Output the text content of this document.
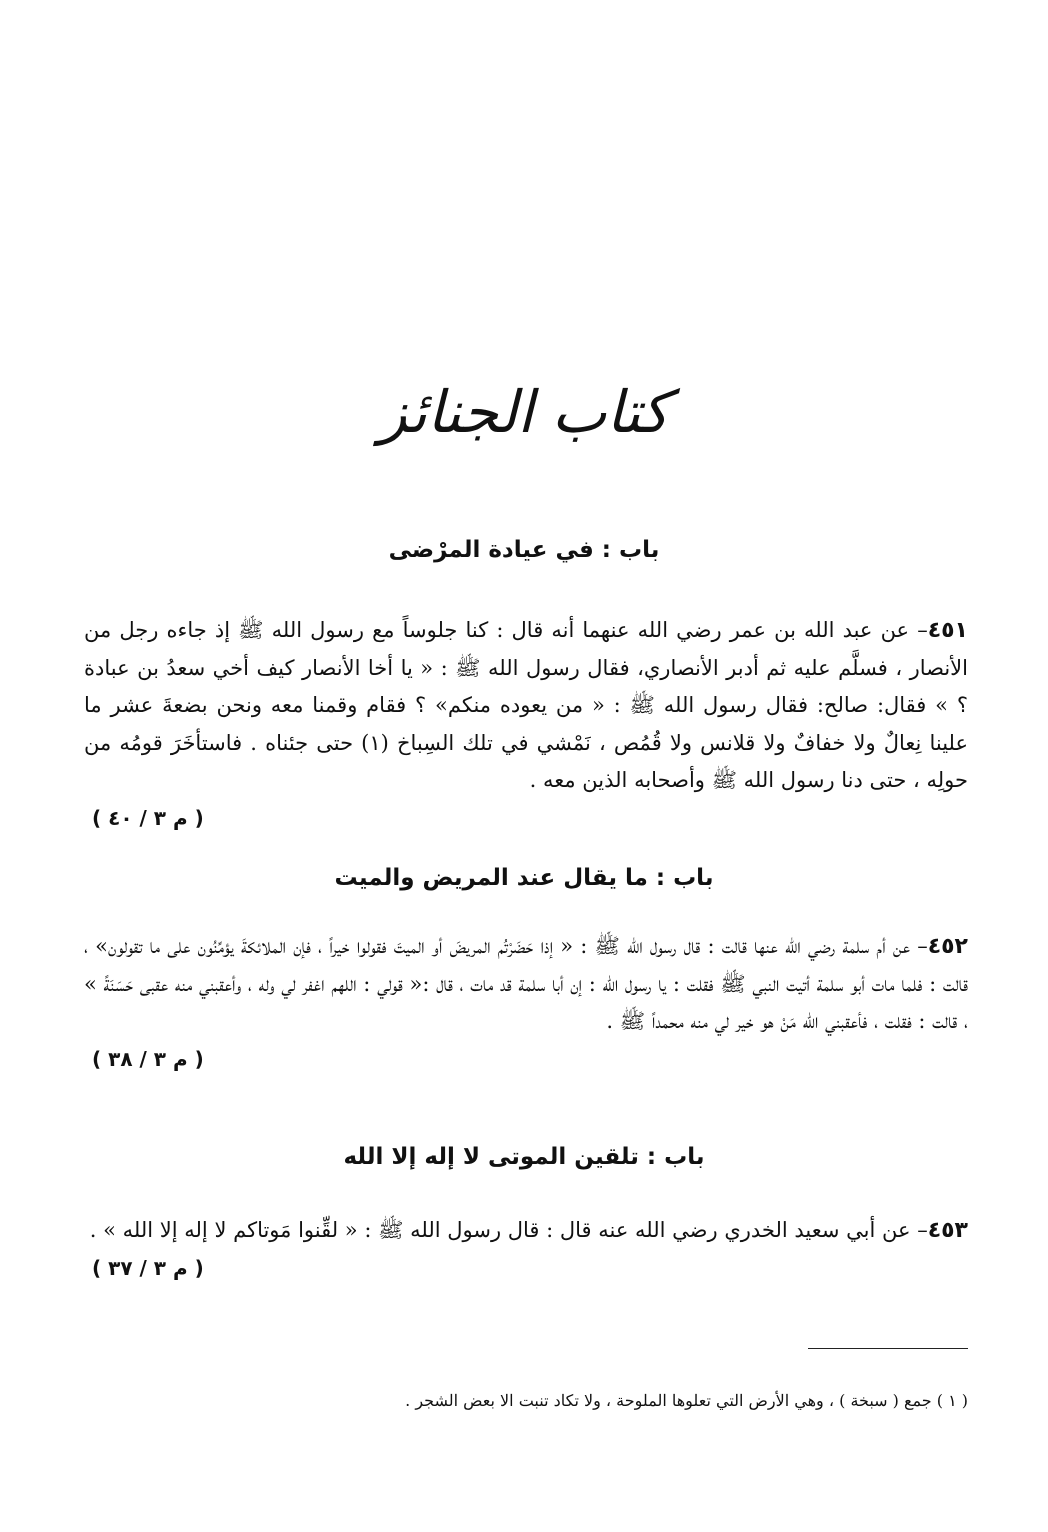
كتاب الجنائز
باب : في عيادة المرْضى
٤٥١– عن عبد الله بن عمر رضي الله عنهما أنه قال : كنا جلوساً مع رسول الله ﷺ إذ جاءه رجل من الأنصار ، فسلَّم عليه ثم أدبر الأنصاري، فقال رسول الله ﷺ : « يا أخا الأنصار كيف أخي سعدُ بن عبادة ؟ » فقال: صالح: فقال رسول الله ﷺ : « من يعوده منكم» ؟ فقام وقمنا معه ونحن بضعةَ عشر ما علينا نِعالٌ ولا خفافٌ ولا قلانس ولا قُمُص ، نَمْشي في تلك السِباخ (١) حتى جئناه . فاستأخَرَ قومُه من حولِه ، حتى دنا رسول الله ﷺ وأصحابه الذين معه .
( م ٣ / ٤٠ )
باب : ما يقال عند المريض والميت
٤٥٢– عن أم سلمة رضي الله عنها قالت : قال رسول الله ﷺ : « إذا حَضَرْتُم المريضَ أو الميتَ فقولوا خيراً ، فإن الملائكةَ يؤمِّنُون على ما تقولون» ، قالت : فلما مات أبو سلمة أتيت النبي ﷺ فقلت : يا رسول الله : إن أبا سلمة قد مات ، قال :« قولي : اللهم اغفر لي وله ، وأعقبني منه عقبى حَسَنَةً » ، قالت : فقلت ، فأعقبني الله مَنْ هو خير لي منه محمداً ﷺ .
( م ٣ / ٣٨ )
باب : تلقين الموتى لا إله إلا الله
٤٥٣– عن أبي سعيد الخدري رضي الله عنه قال : قال رسول الله ﷺ : « لقِّنوا مَوتاكم لا إله إلا الله » .
( م ٣ / ٣٧ )
( ١ ) جمع ( سبخة ) ، وهي الأرض التي تعلوها الملوحة ، ولا تكاد تنبت الا بعض الشجر .
